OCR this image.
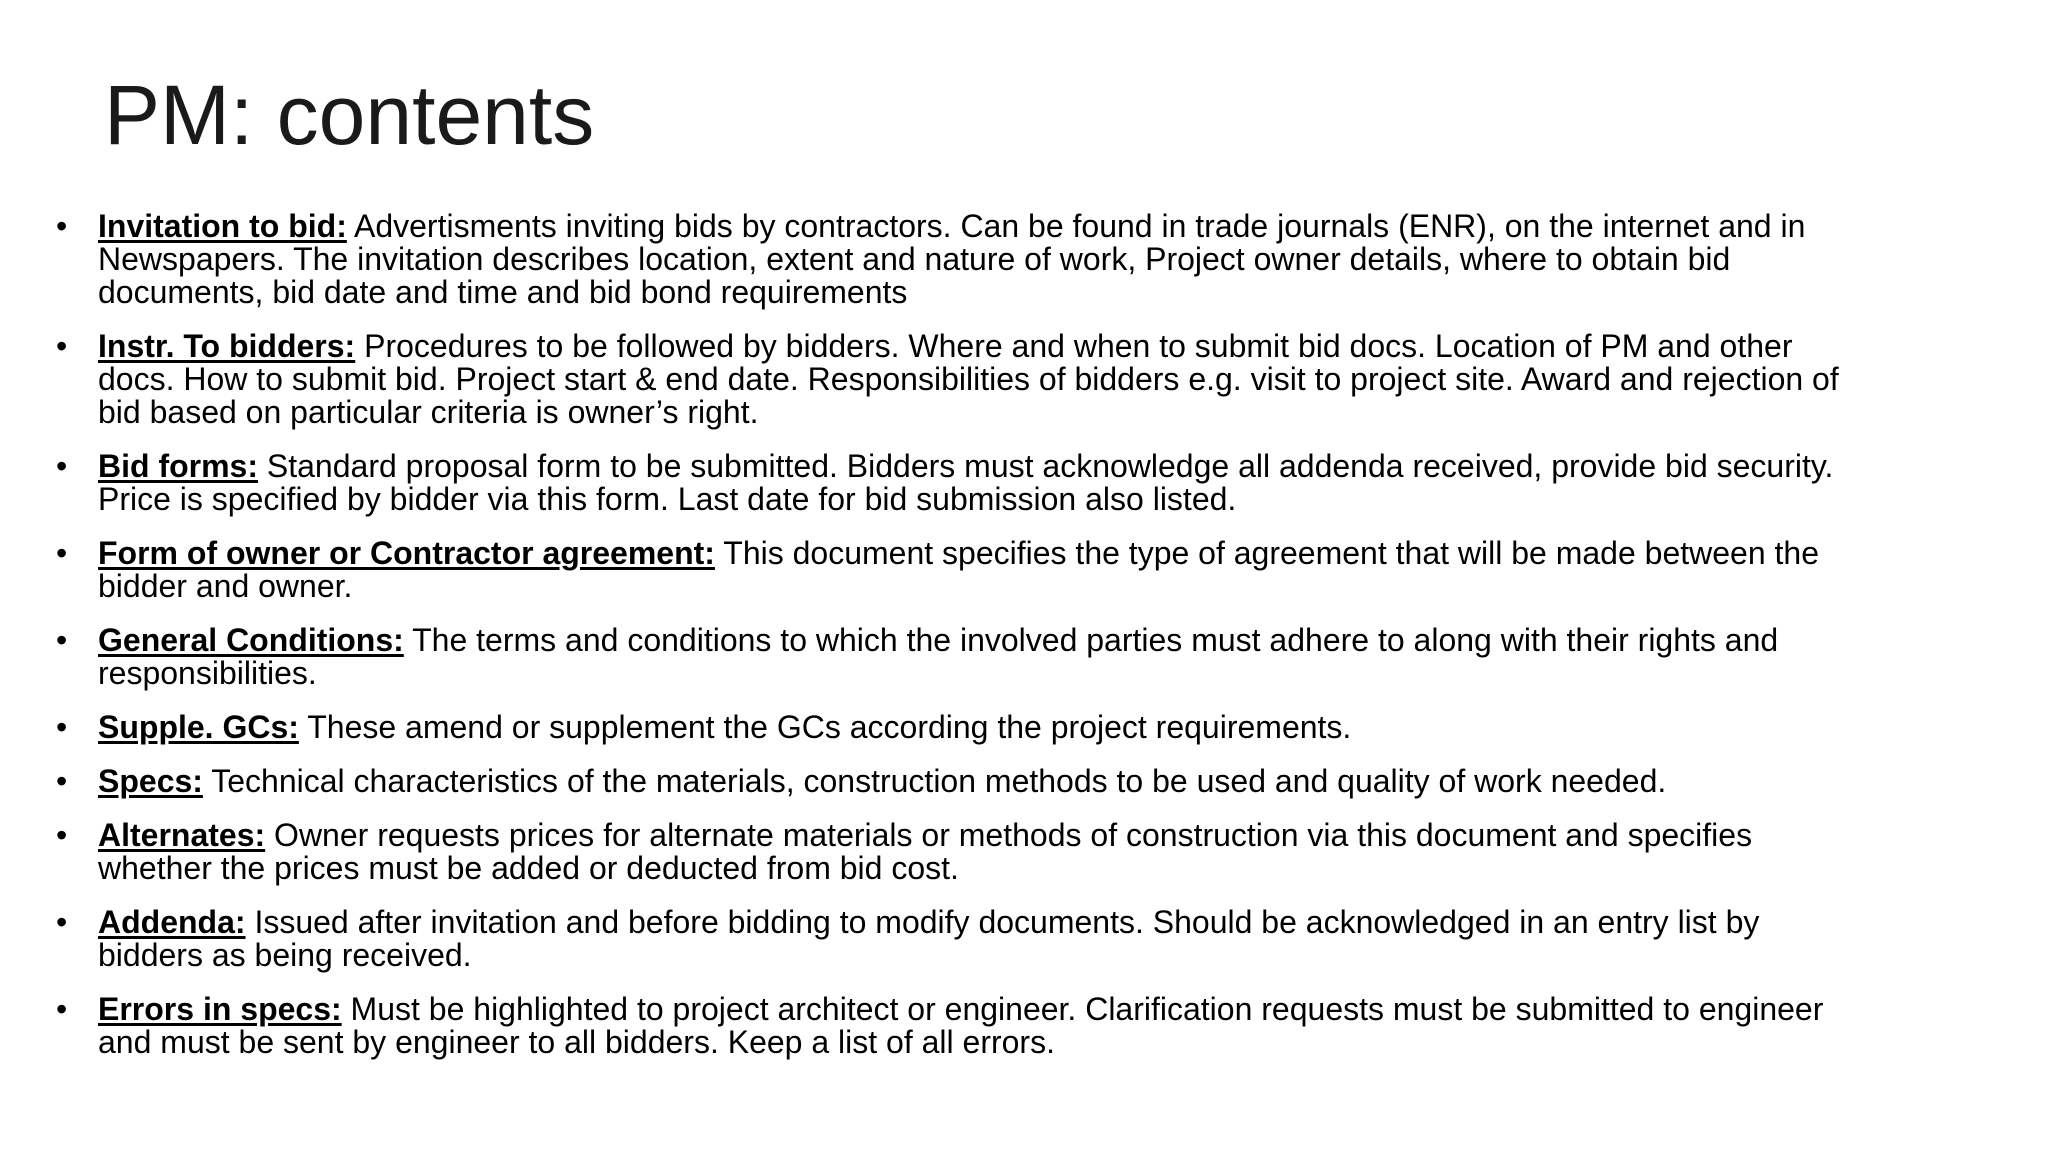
PM: contents
• Invitation to bid: Advertisments inviting bids by contractors. Can be found in trade journals (ENR), on the internet and in Newspapers. The invitation describes location, extent and nature of work, Project owner details, where to obtain bid documents, bid date and time and bid bond requirements
• Instr. To bidders: Procedures to be followed by bidders. Where and when to submit bid docs. Location of PM and other docs. How to submit bid. Project start & end date. Responsibilities of bidders e.g. visit to project site. Award and rejection of bid based on particular criteria is owner’s right.
• Bid forms: Standard proposal form to be submitted. Bidders must acknowledge all addenda received, provide bid security. Price is specified by bidder via this form. Last date for bid submission also listed.
• Form of owner or Contractor agreement: This document specifies the type of agreement that will be made between the bidder and owner.
• General Conditions: The terms and conditions to which the involved parties must adhere to along with their rights and responsibilities.
• Supple. GCs: These amend or supplement the GCs according the project requirements.
• Specs: Technical characteristics of the materials, construction methods to be used and quality of work needed.
• Alternates: Owner requests prices for alternate materials or methods of construction via this document and specifies whether the prices must be added or deducted from bid cost.
• Addenda: Issued after invitation and before bidding to modify documents. Should be acknowledged in an entry list by bidders as being received.
• Errors in specs: Must be highlighted to project architect or engineer. Clarification requests must be submitted to engineer and must be sent by engineer to all bidders. Keep a list of all errors.
